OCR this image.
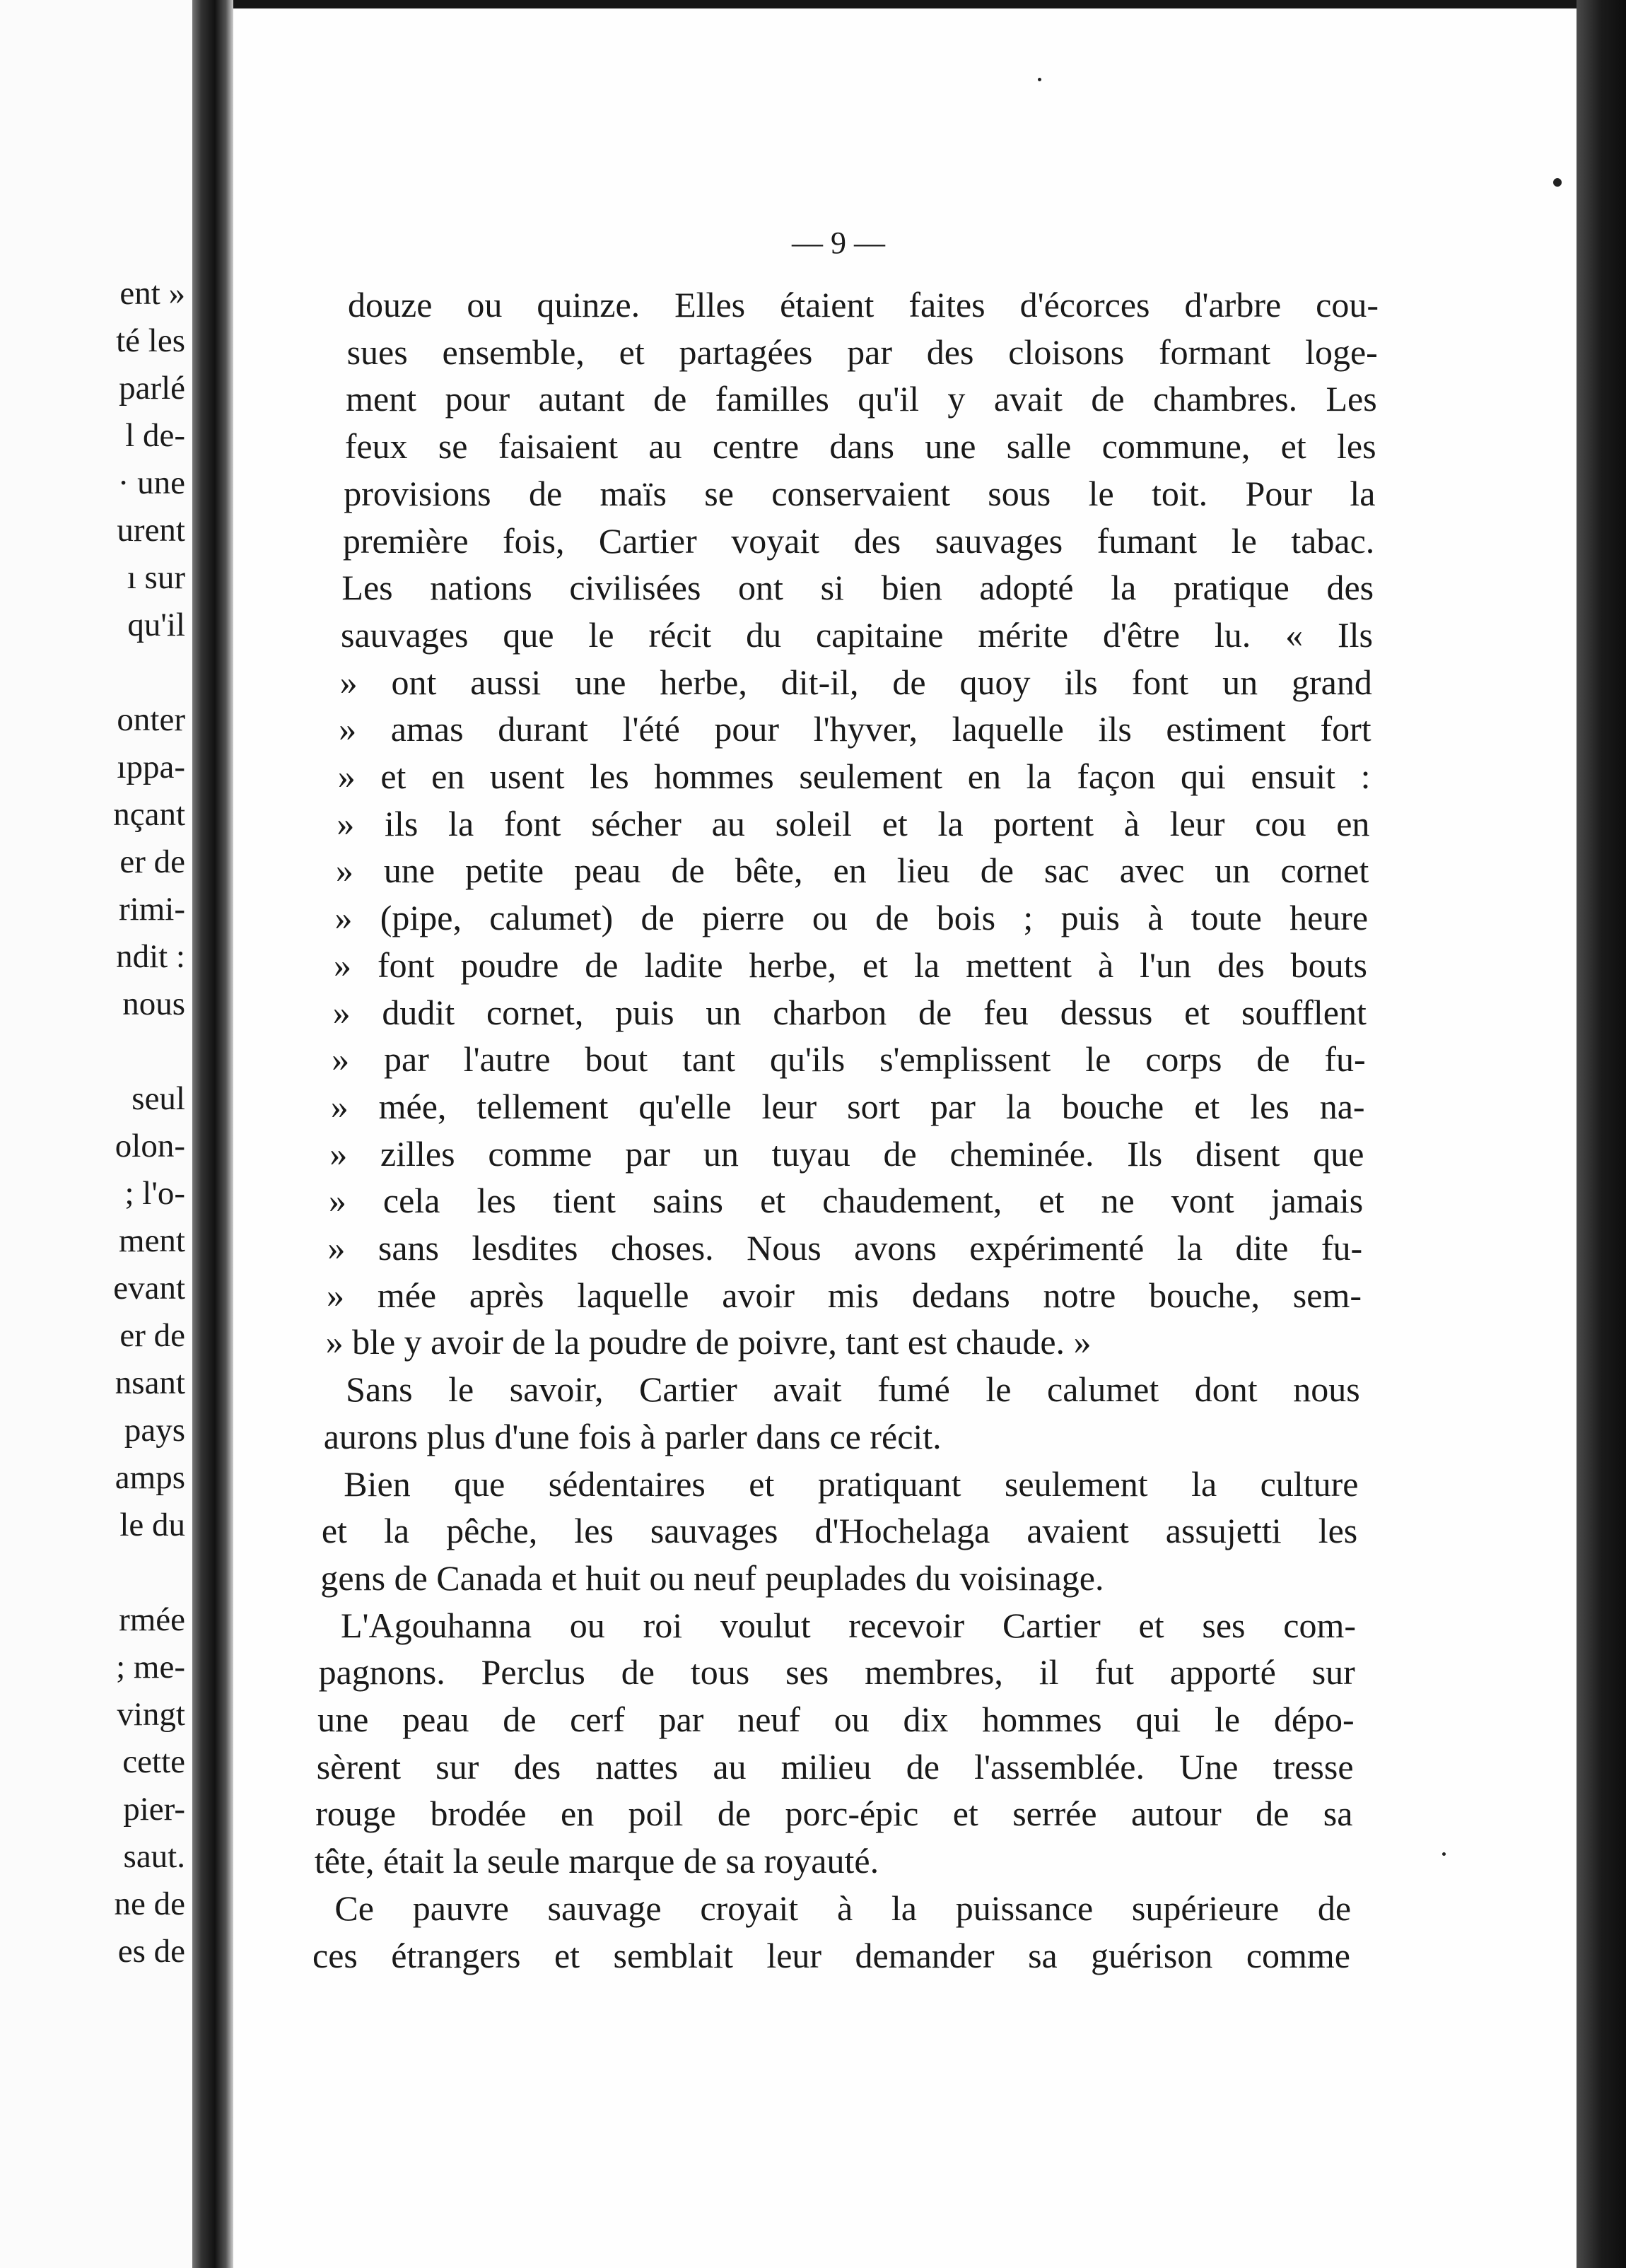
ent »
té les
parlé
l de-
· une
urent
ı sur
qu'il
onter
ıppa-
nçant
er de
rimi-
ndit :
nous
seul
olon-
; l'o-
ment
evant
er de
nsant
pays
amps
le du
rmée
; me-
vingt
cette
pier-
saut.
ne de
es de
— 9 —
douze ou quinze. Elles étaient faites d'écorces d'arbre cou-
sues ensemble, et partagées par des cloisons formant loge-
ment pour autant de familles qu'il y avait de chambres. Les
feux se faisaient au centre dans une salle commune, et les
provisions de maïs se conservaient sous le toit. Pour la
première fois, Cartier voyait des sauvages fumant le tabac.
Les nations civilisées ont si bien adopté la pratique des
sauvages que le récit du capitaine mérite d'être lu. « Ils
» ont aussi une herbe, dit-il, de quoy ils font un grand
» amas durant l'été pour l'hyver, laquelle ils estiment fort
» et en usent les hommes seulement en la façon qui ensuit :
» ils la font sécher au soleil et la portent à leur cou en
» une petite peau de bête, en lieu de sac avec un cornet
» (pipe, calumet) de pierre ou de bois ; puis à toute heure
» font poudre de ladite herbe, et la mettent à l'un des bouts
» dudit cornet, puis un charbon de feu dessus et soufflent
» par l'autre bout tant qu'ils s'emplissent le corps de fu-
» mée, tellement qu'elle leur sort par la bouche et les na-
» zilles comme par un tuyau de cheminée. Ils disent que
» cela les tient sains et chaudement, et ne vont jamais
» sans lesdites choses. Nous avons expérimenté la dite fu-
» mée après laquelle avoir mis dedans notre bouche, sem-
» ble y avoir de la poudre de poivre, tant est chaude. »
Sans le savoir, Cartier avait fumé le calumet dont nous
aurons plus d'une fois à parler dans ce récit.
Bien que sédentaires et pratiquant seulement la culture
et la pêche, les sauvages d'Hochelaga avaient assujetti les
gens de Canada et huit ou neuf peuplades du voisinage.
L'Agouhanna ou roi voulut recevoir Cartier et ses com-
pagnons. Perclus de tous ses membres, il fut apporté sur
une peau de cerf par neuf ou dix hommes qui le dépo-
sèrent sur des nattes au milieu de l'assemblée. Une tresse
rouge brodée en poil de porc-épic et serrée autour de sa
tête, était la seule marque de sa royauté.
Ce pauvre sauvage croyait à la puissance supérieure de
ces étrangers et semblait leur demander sa guérison comme
